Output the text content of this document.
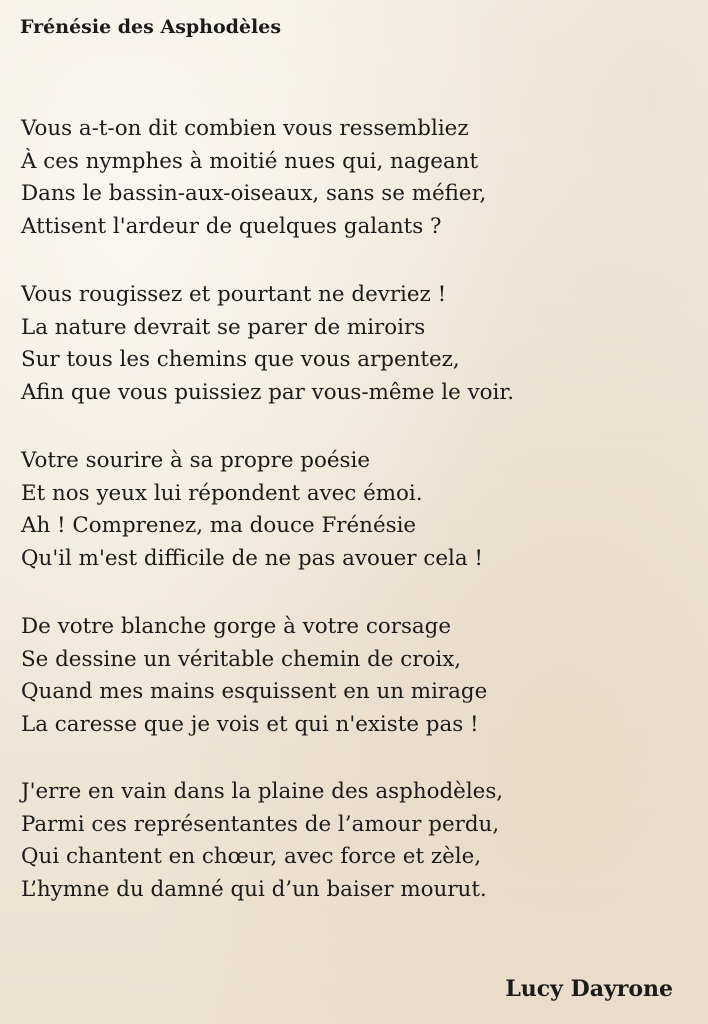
Frénésie des Asphodèles
Vous a-t-on dit combien vous ressembliez
À ces nymphes à moitié nues qui, nageant
Dans le bassin-aux-oiseaux, sans se méfier,
Attisent l'ardeur de quelques galants ?
Vous rougissez et pourtant ne devriez !
La nature devrait se parer de miroirs
Sur tous les chemins que vous arpentez,
Afin que vous puissiez par vous-même le voir.
Votre sourire à sa propre poésie
Et nos yeux lui répondent avec émoi.
Ah ! Comprenez, ma douce Frénésie
Qu'il m'est difficile de ne pas avouer cela !
De votre blanche gorge à votre corsage
Se dessine un véritable chemin de croix,
Quand mes mains esquissent en un mirage
La caresse que je vois et qui n'existe pas !
J'erre en vain dans la plaine des asphodèles,
Parmi ces représentantes de l’amour perdu,
Qui chantent en chœur, avec force et zèle,
L’hymne du damné qui d’un baiser mourut.

Lucy Dayrone
